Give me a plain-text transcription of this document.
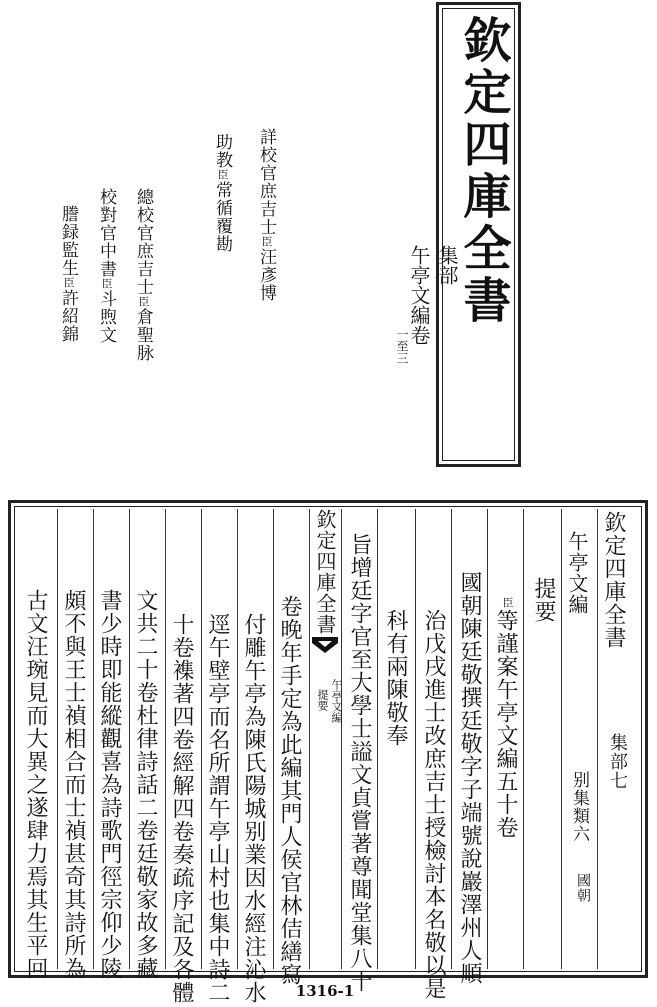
欽定四庫全書
集部
午亭文編卷
一至三
詳校官庶吉士臣汪彥博
助教臣常循覆勘
總校官庶吉士臣倉聖脉
校對官中書臣斗煦文
謄録監生臣許紹錦
欽定四庫全書
集部七
午亭文編
别集類六
國朝
提要
臣
等謹案午亭文編五十卷
國朝陳廷敬撰廷敬字子端號說巖澤州人順
治戊戌進士改庶吉士授檢討本名敬以是
科有兩陳敬奉
旨增廷字官至大學士謚文貞嘗著尊聞堂集八十
欽定四庫全書
午亭文編
提要
卷晚年手定為此編其門人侯官林佶繕寫
付雕午亭為陳氏陽城别業因水經注沁水
逕午壁亭而名所謂午亭山村也集中詩二
十卷襍著四卷經解四卷奏疏序記及各體
文共二十卷杜律詩話二卷廷敬家故多藏
書少時即能縱觀喜為詩歌門徑宗仰少陵
頗不與王士禎相合而士禎甚奇其詩所為
古文汪琬見而大異之遂肆力焉其生平回
1316-1
